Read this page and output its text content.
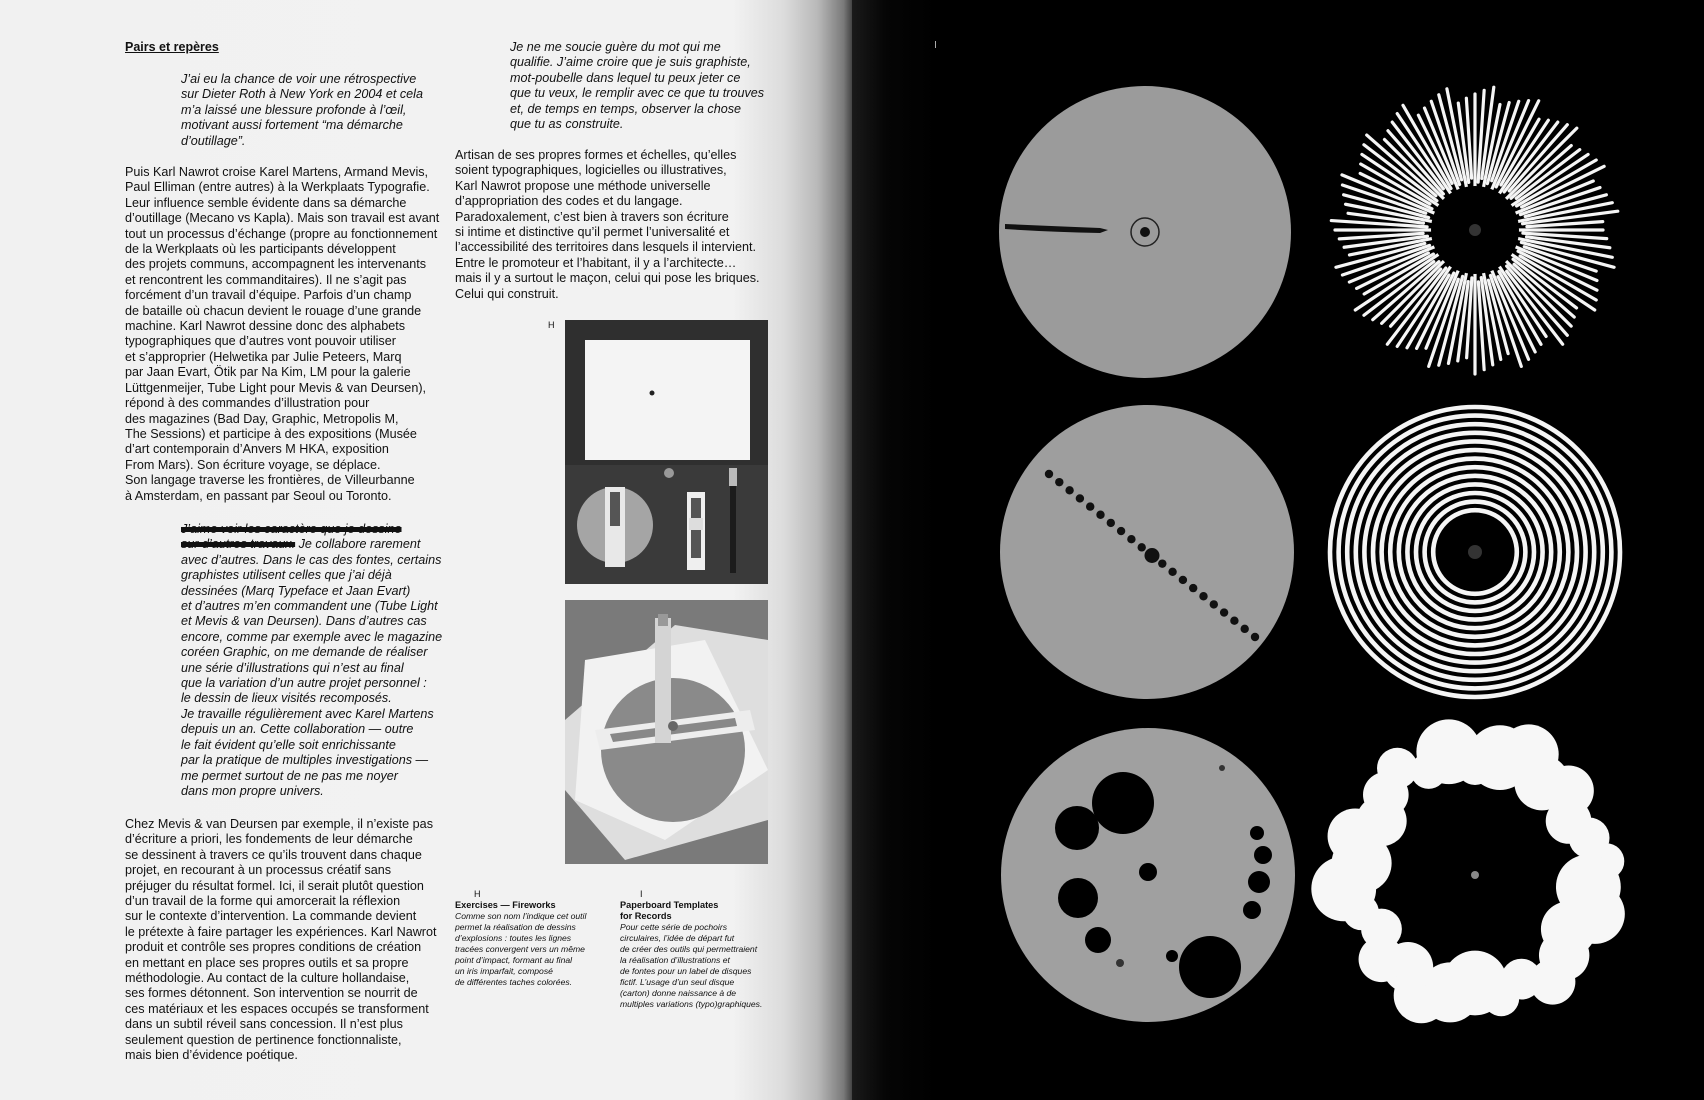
Pairs et repères

J’ai eu la chance de voir une rétrospective
sur Dieter Roth à New York en 2004 et cela
m’a laissé une blessure profonde à l’œil,
motivant aussi fortement “ma démarche
d’outillage”.

Puis Karl Nawrot croise Karel Martens, Armand Mevis,
Paul Elliman (entre autres) à la Werkplaats Typografie.
Leur influence semble évidente dans sa démarche
d’outillage (Mecano vs Kapla). Mais son travail est avant
tout un processus d’échange (propre au fonctionnement
de la Werkplaats où les participants développent
des projets communs, accompagnent les intervenants
et rencontrent les commanditaires). Il ne s’agit pas
forcément d’un travail d’équipe. Parfois d’un champ
de bataille où chacun devient le rouage d’une grande
machine. Karl Nawrot dessine donc des alphabets
typographiques que d’autres vont pouvoir utiliser
et s’approprier (Helwetika par Julie Peteers, Marq
par Jaan Evart, Ötik par Na Kim, LM pour la galerie
Lüttgenmeijer, Tube Light pour Mevis & van Deursen),
répond à des commandes d’illustration pour
des magazines (Bad Day, Graphic, Metropolis M,
The Sessions) et participe à des expositions (Musée
d’art contemporain d’Anvers M HKA, exposition
From Mars). Son écriture voyage, se déplace.
Son langage traverse les frontières, de Villeurbanne
à Amsterdam, en passant par Seoul ou Toronto.

J’aime voir les caractère que je dessine
sur d’autres travaux. Je collabore rarement
avec d’autres. Dans le cas des fontes, certains
graphistes utilisent celles que j’ai déjà
dessinées (Marq Typeface et Jaan Evart)
et d’autres m’en commandent une (Tube Light
et Mevis & van Deursen). Dans d’autres cas
encore, comme par exemple avec le magazine
coréen Graphic, on me demande de réaliser
une série d’illustrations qui n’est au final
que la variation d’un autre projet personnel :
le dessin de lieux visités recomposés.
Je travaille régulièrement avec Karel Martens
depuis un an. Cette collaboration — outre
le fait évident qu’elle soit enrichissante
par la pratique de multiples investigations —
me permet surtout de ne pas me noyer
dans mon propre univers.

Chez Mevis & van Deursen par exemple, il n’existe pas
d’écriture a priori, les fondements de leur démarche
se dessinent à travers ce qu’ils trouvent dans chaque
projet, en recourant à un processus créatif sans
préjuger du résultat formel. Ici, il serait plutôt question
d’un travail de la forme qui amorcerait la réflexion
sur le contexte d’intervention. La commande devient
le prétexte à faire partager les expériences. Karl Nawrot
produit et contrôle ses propres conditions de création
en mettant en place ses propres outils et sa propre
méthodologie. Au contact de la culture hollandaise,
ses formes détonnent. Son intervention se nourrit de
ces matériaux et les espaces occupés se transforment
dans un subtil réveil sans concession. Il n’est plus
seulement question de pertinence fonctionnaliste,
mais bien d’évidence poétique.

Je ne me soucie guère du mot qui me
qualifie. J’aime croire que je suis graphiste,
mot-poubelle dans lequel tu peux jeter ce
que tu veux, le remplir avec ce que tu trouves
et, de temps en temps, observer la chose
que tu as construite.

Artisan de ses propres formes et échelles, qu’elles
soient typographiques, logicielles ou illustratives,
Karl Nawrot propose une méthode universelle
d’appropriation des codes et du langage.
Paradoxalement, c’est bien à travers son écriture
si intime et distinctive qu’il permet l’universalité et
l’accessibilité des territoires dans lesquels il intervient.
Entre le promoteur et l’habitant, il y a l’architecte…
mais il y a surtout le maçon, celui qui pose les briques.
Celui qui construit.

H

H

Exercises — Fireworks

Comme son nom l’indique cet outil
permet la réalisation de dessins
d’explosions : toutes les lignes
tracées convergent vers un même
point d’impact, formant au final
un iris imparfait, composé
de différentes taches colorées.

I

Paperboard Templates
for Records

Pour cette série de pochoirs
circulaires, l’idée de départ fut
de créer des outils qui permettraient
la réalisation d’illustrations et
de fontes pour un label de disques
fictif. L’usage d’un seul disque
(carton) donne naissance à de
multiples variations (typo)graphiques.
